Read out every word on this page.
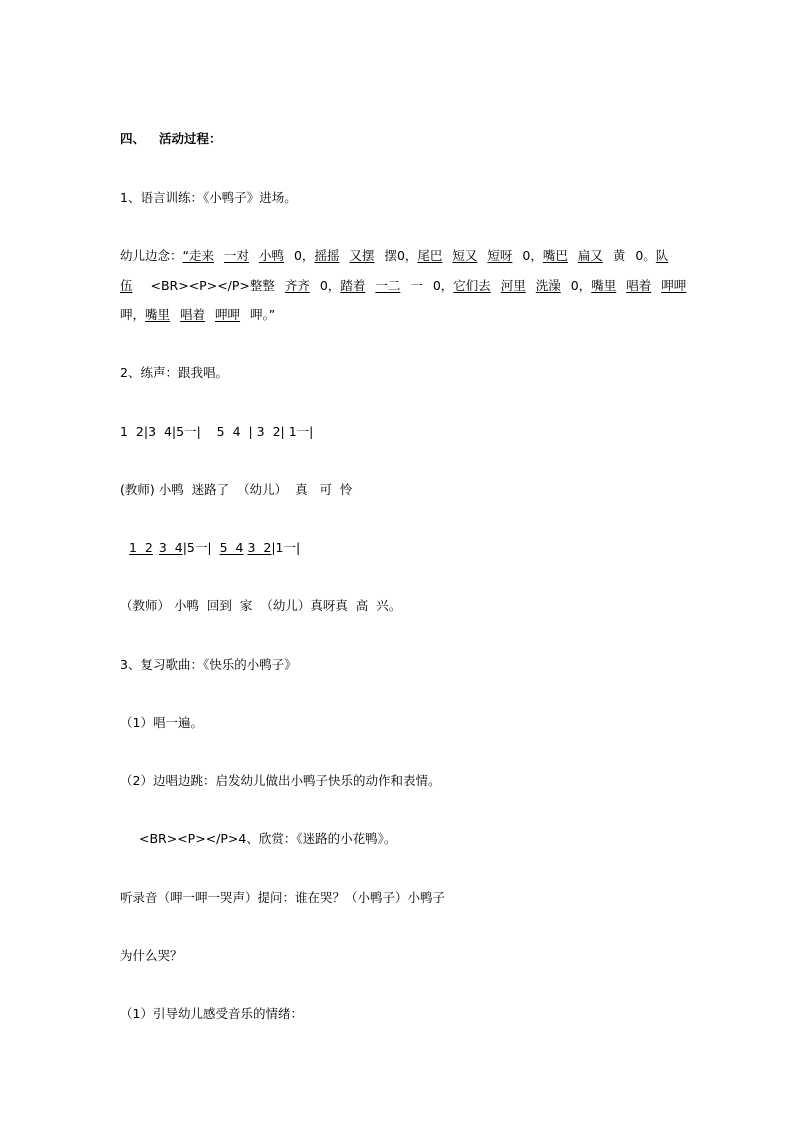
四、 活动过程：
1、语言训练：《小鸭子》进场。
幼儿边念：“走来 一对 小鸭 0，摇摇 又摆 摆0，尾巴 短又 短呀 0，嘴巴 扁又 黄 0。队
伍 <BR><P></P>整整 齐齐 0，踏着 一二 一 0，它们去 河里 洗澡 0，嘴里 唱着 呷呷
呷，嘴里 唱着 呷呷 呷。”
2、练声：跟我唱。
1  2|3  4|5一|    5  4  | 3  2| 1一|
(教师) 小鸭  迷路了  （幼儿）  真   可  怜
1  2 3  4|5一| 5  4 3  2|1一|
（教师） 小鸭  回到  家  （幼儿）真呀真  高  兴。
3、复习歌曲：《快乐的小鸭子》
（1）唱一遍。
（2）边唱边跳：启发幼儿做出小鸭子快乐的动作和表情。
<BR><P></P>4、欣赏：《迷路的小花鸭》。
听录音（呷一呷一哭声）提问：谁在哭？（小鸭子）小鸭子
为什么哭？
（1）引导幼儿感受音乐的情绪：
